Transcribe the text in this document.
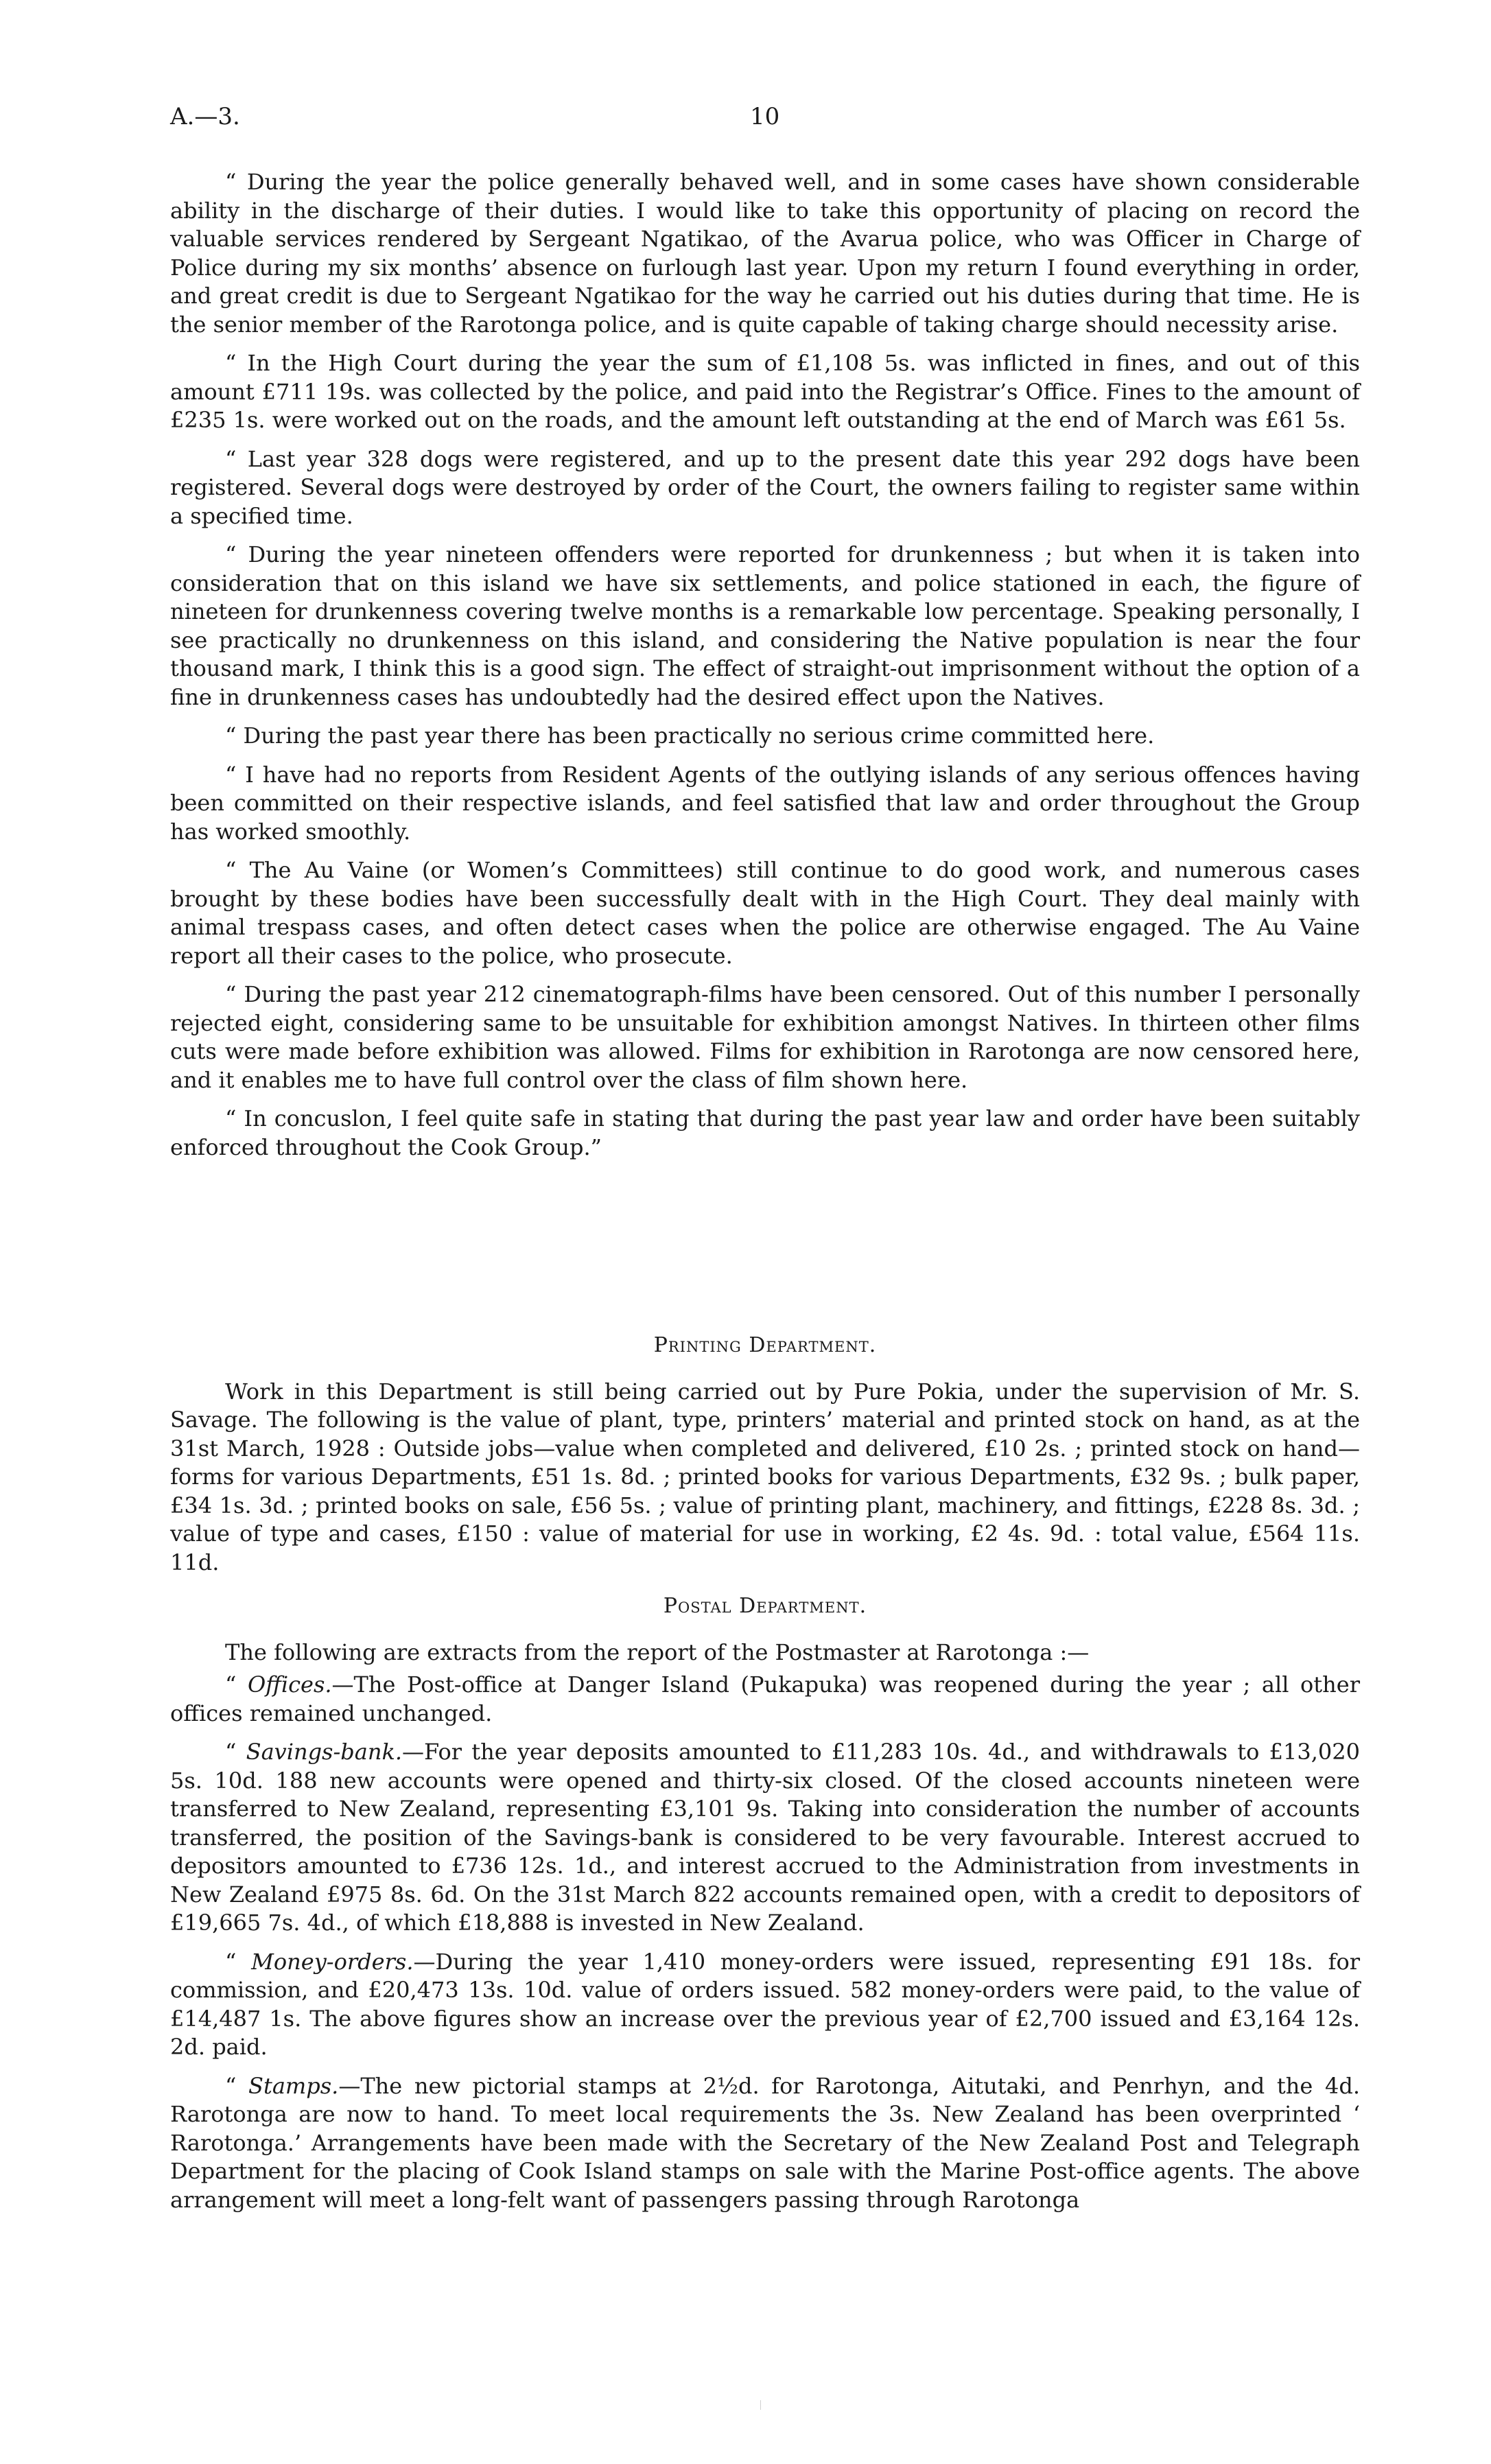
A.—3.	10

“ During the year the police generally behaved well, and in some cases have shown considerable ability in the discharge of their duties. I would like to take this opportunity of placing on record the valuable services rendered by Sergeant Ngatikao, of the Avarua police, who was Officer in Charge of Police during my six months’ absence on furlough last year. Upon my return I found everything in order, and great credit is due to Sergeant Ngatikao for the way he carried out his duties during that time. He is the senior member of the Rarotonga police, and is quite capable of taking charge should necessity arise.

“ In the High Court during the year the sum of £1,108 5s. was inflicted in fines, and out of this amount £711 19s. was collected by the police, and paid into the Registrar’s Office. Fines to the amount of £235 1s. were worked out on the roads, and the amount left outstanding at the end of March was £61 5s.

“ Last year 328 dogs were registered, and up to the present date this year 292 dogs have been registered. Several dogs were destroyed by order of the Court, the owners failing to register same within a specified time.

“ During the year nineteen offenders were reported for drunkenness ; but when it is taken into consideration that on this island we have six settlements, and police stationed in each, the figure of nineteen for drunkenness covering twelve months is a remarkable low percentage. Speaking personally, I see practically no drunkenness on this island, and considering the Native population is near the four thousand mark, I think this is a good sign. The effect of straight-out imprisonment without the option of a fine in drunkenness cases has undoubtedly had the desired effect upon the Natives.

“ During the past year there has been practically no serious crime committed here.

“ I have had no reports from Resident Agents of the outlying islands of any serious offences having been committed on their respective islands, and feel satisfied that law and order throughout the Group has worked smoothly.

“ The Au Vaine (or Women’s Committees) still continue to do good work, and numerous cases brought by these bodies have been successfully dealt with in the High Court. They deal mainly with animal trespass cases, and often detect cases when the police are otherwise engaged. The Au Vaine report all their cases to the police, who prosecute.

“ During the past year 212 cinematograph-films have been censored. Out of this number I personally rejected eight, considering same to be unsuitable for exhibition amongst Natives. In thirteen other films cuts were made before exhibition was allowed. Films for exhibition in Rarotonga are now censored here, and it enables me to have full control over the class of film shown here.

“ In concuslon, I feel quite safe in stating that during the past year law and order have been suitably enforced throughout the Cook Group.”

Printing Department.

Work in this Department is still being carried out by Pure Pokia, under the supervision of Mr. S. Savage. The following is the value of plant, type, printers’ material and printed stock on hand, as at the 31st March, 1928 : Outside jobs—value when completed and delivered, £10 2s. ; printed stock on hand—forms for various Departments, £51 1s. 8d. ; printed books for various Departments, £32 9s. ; bulk paper, £34 1s. 3d. ; printed books on sale, £56 5s. ; value of printing plant, machinery, and fittings, £228 8s. 3d. ; value of type and cases, £150 : value of material for use in working, £2 4s. 9d. : total value, £564 11s. 11d.

Postal Department.

The following are extracts from the report of the Postmaster at Rarotonga :—

“ Offices.—The Post-office at Danger Island (Pukapuka) was reopened during the year ; all other offices remained unchanged.

“ Savings-bank.—For the year deposits amounted to £11,283 10s. 4d., and withdrawals to £13,020 5s. 10d. 188 new accounts were opened and thirty-six closed. Of the closed accounts nineteen were transferred to New Zealand, representing £3,101 9s. Taking into consideration the number of accounts transferred, the position of the Savings-bank is considered to be very favourable. Interest accrued to depositors amounted to £736 12s. 1d., and interest accrued to the Administration from investments in New Zealand £975 8s. 6d. On the 31st March 822 accounts remained open, with a credit to depositors of £19,665 7s. 4d., of which £18,888 is invested in New Zealand.

“ Money-orders.—During the year 1,410 money-orders were issued, representing £91 18s. for commission, and £20,473 13s. 10d. value of orders issued. 582 money-orders were paid, to the value of £14,487 1s. The above figures show an increase over the previous year of £2,700 issued and £3,164 12s. 2d. paid.

“ Stamps.—The new pictorial stamps at 2½d. for Rarotonga, Aitutaki, and Penrhyn, and the 4d. Rarotonga are now to hand. To meet local requirements the 3s. New Zealand has been overprinted ‘ Rarotonga.’ Arrangements have been made with the Secretary of the New Zealand Post and Telegraph Department for the placing of Cook Island stamps on sale with the Marine Post-office agents. The above arrangement will meet a long-felt want of passengers passing through Rarotonga
